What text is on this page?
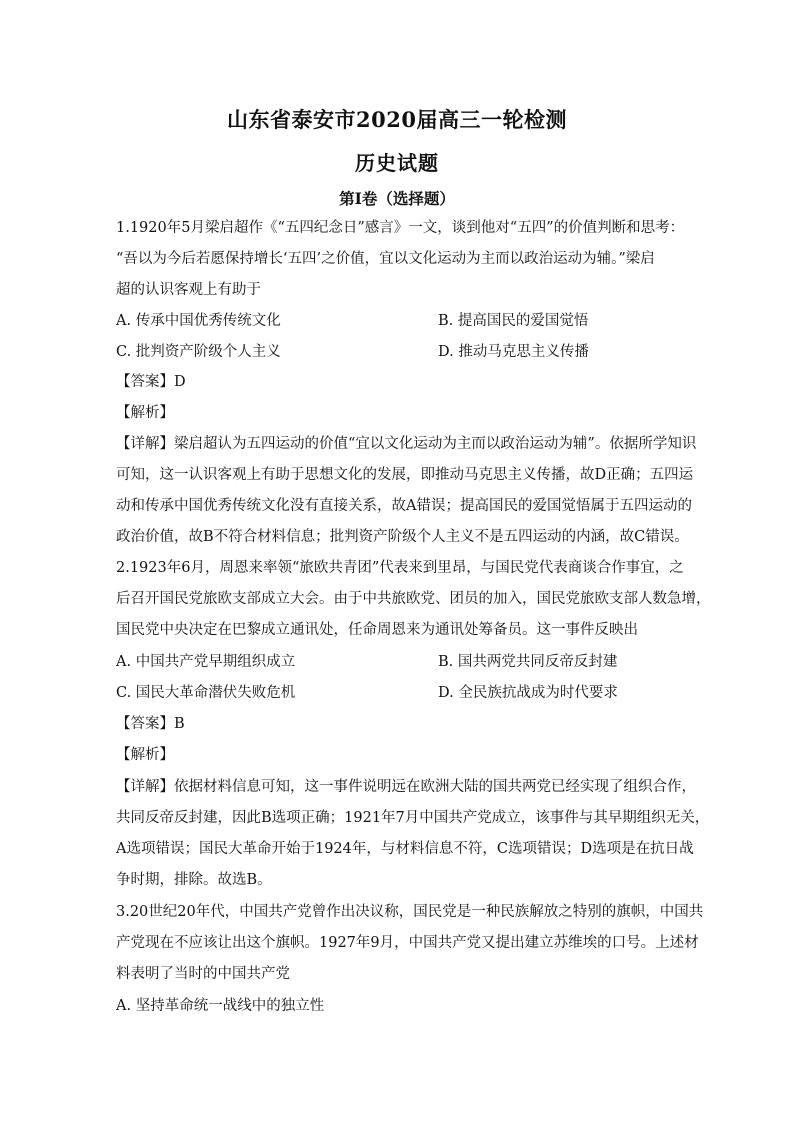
山东省泰安市2020届高三一轮检测
历史试题
第Ⅰ卷（选择题）
1.1920年5月梁启超作《“五四纪念日”感言》一文，谈到他对“五四”的价值判断和思考：
“吾以为今后若愿保持增长‘五四’之价值，宜以文化运动为主而以政治运动为辅。”梁启
超的认识客观上有助于
A. 传承中国优秀传统文化	B. 提高国民的爱国觉悟
C. 批判资产阶级个人主义	D. 推动马克思主义传播
【答案】D
【解析】
【详解】梁启超认为五四运动的价值“宜以文化运动为主而以政治运动为辅”。依据所学知识
可知，这一认识客观上有助于思想文化的发展，即推动马克思主义传播，故D正确；五四运
动和传承中国优秀传统文化没有直接关系，故A错误；提高国民的爱国觉悟属于五四运动的
政治价值，故B不符合材料信息；批判资产阶级个人主义不是五四运动的内涵，故C错误。
2.1923年6月，周恩来率领“旅欧共青团”代表来到里昂，与国民党代表商谈合作事宜，之
后召开国民党旅欧支部成立大会。由于中共旅欧党、团员的加入，国民党旅欧支部人数急增，
国民党中央决定在巴黎成立通讯处，任命周恩来为通讯处筹备员。这一事件反映出
A. 中国共产党早期组织成立	B. 国共两党共同反帝反封建
C. 国民大革命潜伏失败危机	D. 全民族抗战成为时代要求
【答案】B
【解析】
【详解】依据材料信息可知，这一事件说明远在欧洲大陆的国共两党已经实现了组织合作，
共同反帝反封建，因此B选项正确；1921年7月中国共产党成立，该事件与其早期组织无关，
A选项错误；国民大革命开始于1924年，与材料信息不符，C选项错误；D选项是在抗日战
争时期，排除。故选B。
3.20世纪20年代，中国共产党曾作出决议称，国民党是一种民族解放之特别的旗帜，中国共
产党现在不应该让出这个旗帜。1927年9月，中国共产党又提出建立苏维埃的口号。上述材
料表明了当时的中国共产党
A. 坚持革命统一战线中的独立性
